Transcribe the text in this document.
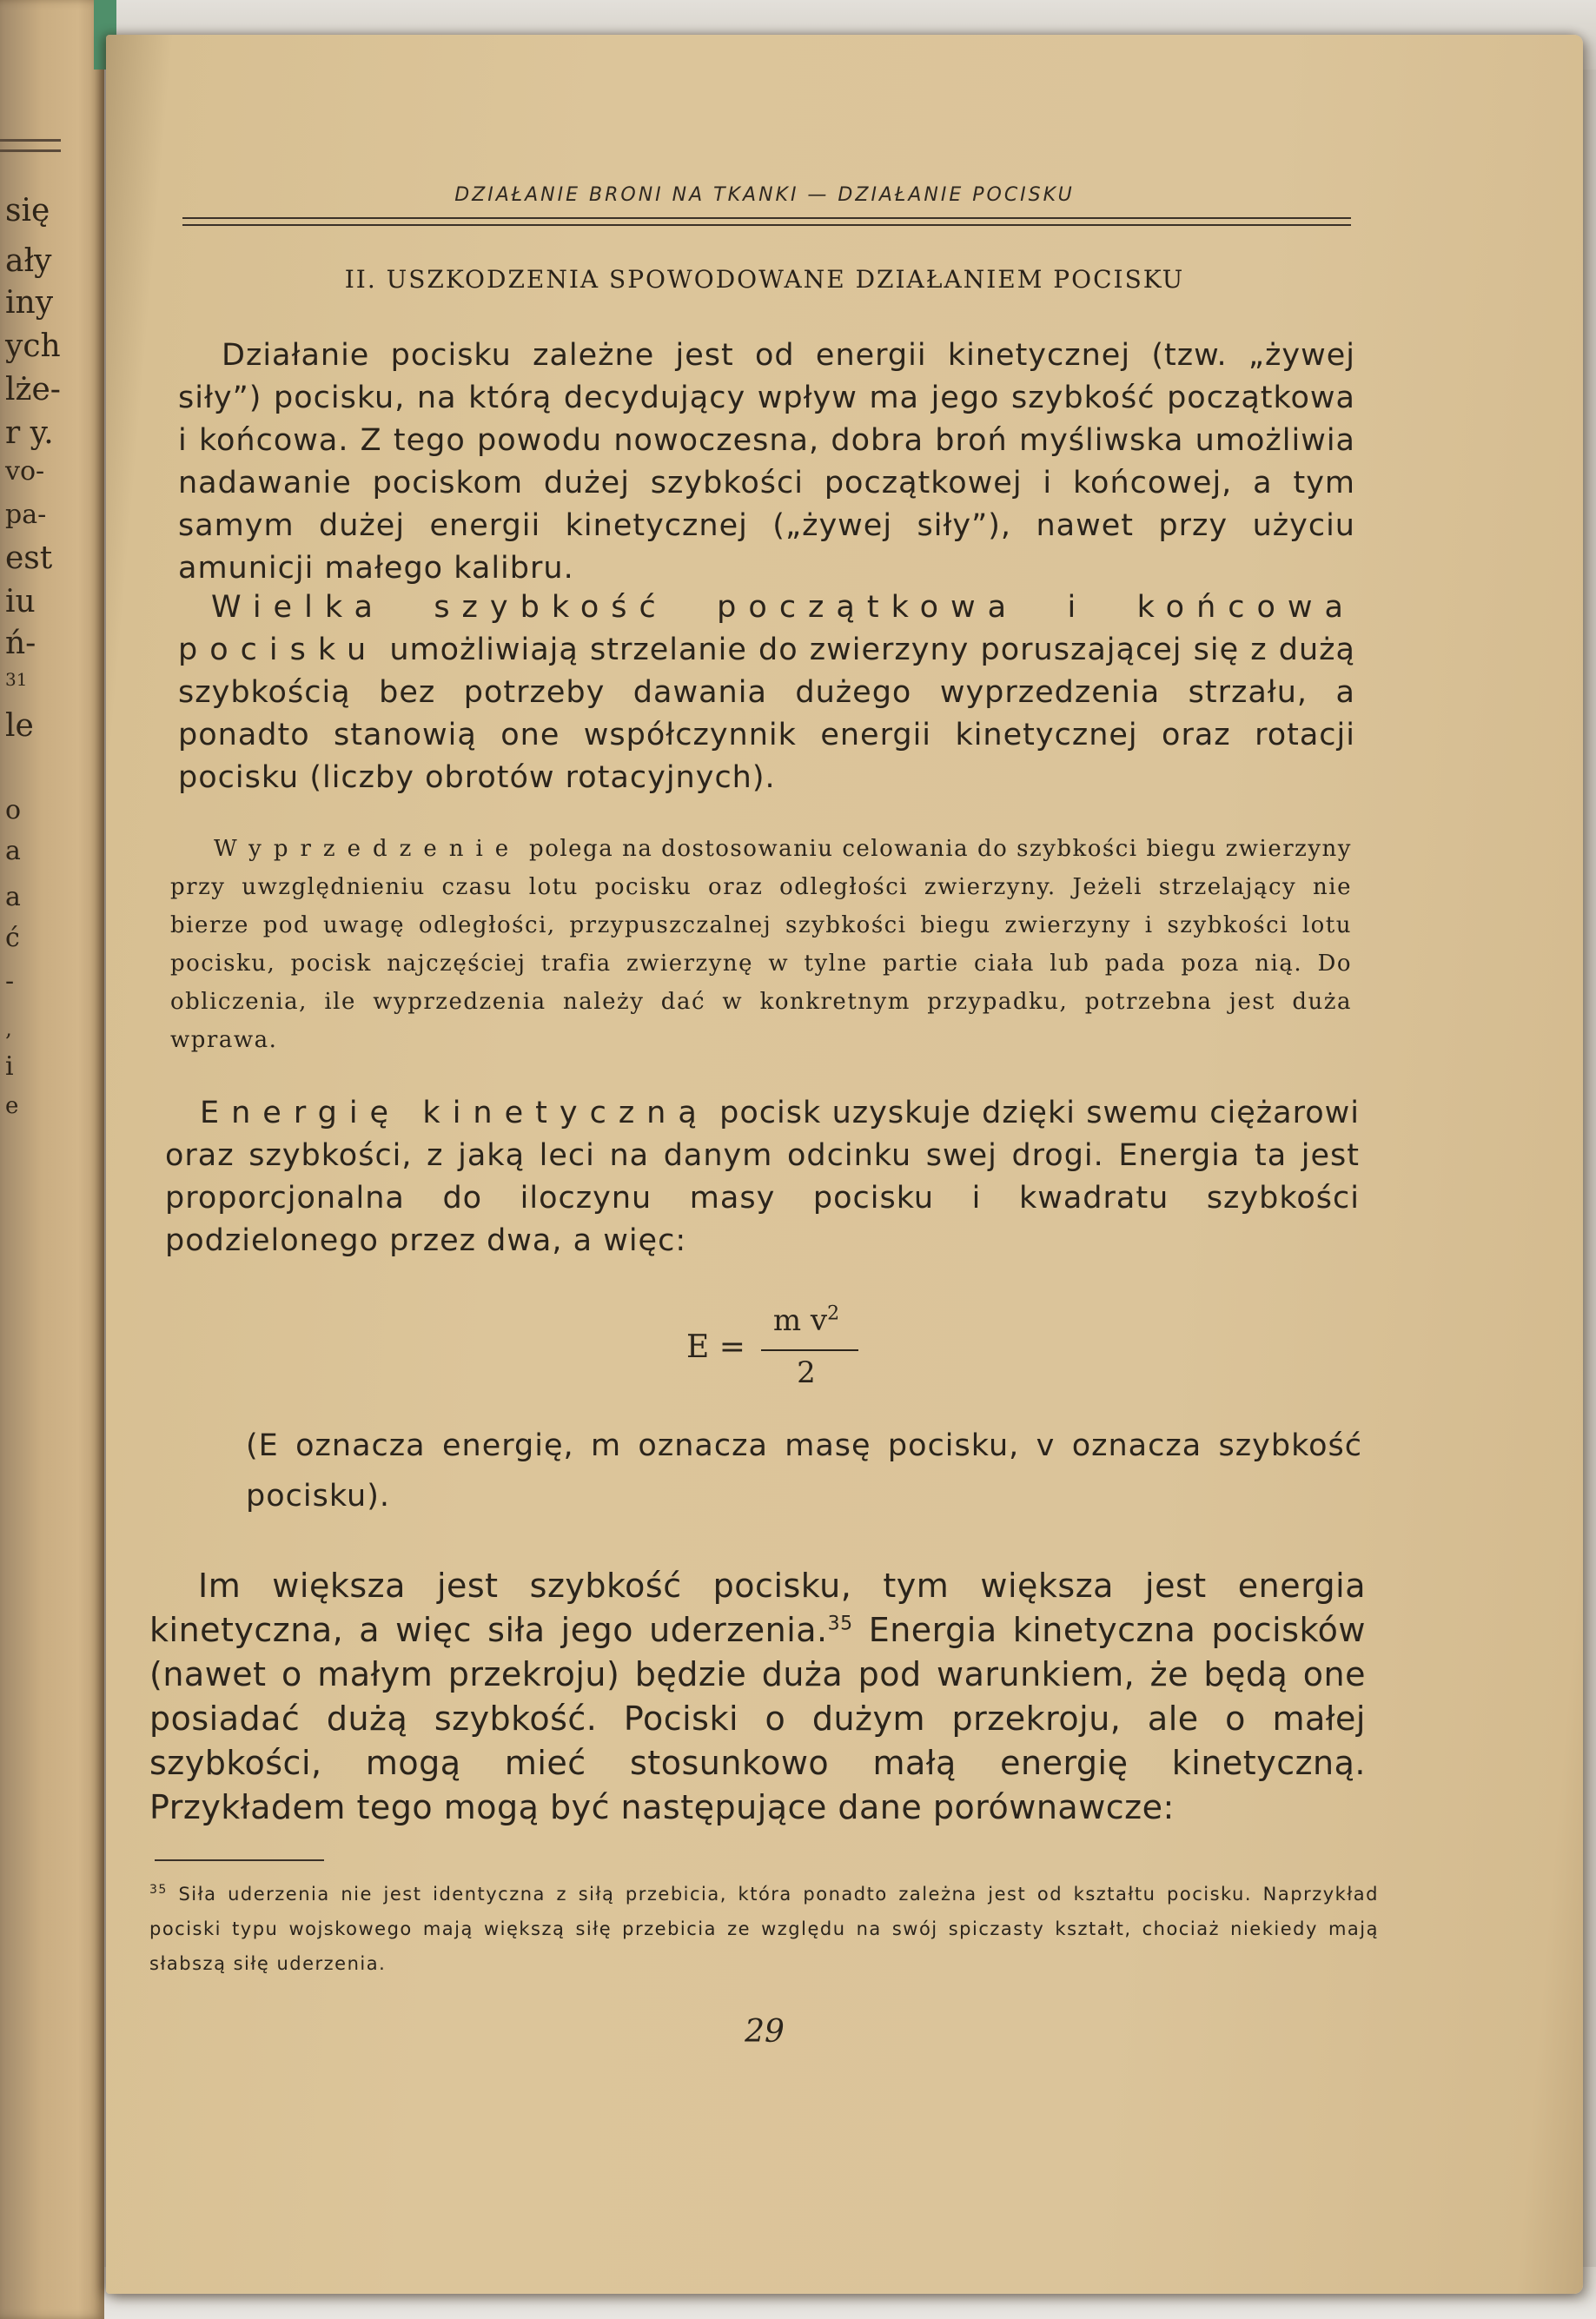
się
ały
iny
ych
lże-
r y.
vo-
pa-
est
iu
ń-
31
le
o
a
a
ć
-
‚
i
e
DZIAŁANIE BRONI NA TKANKI — DZIAŁANIE POCISKU
II. USZKODZENIA SPOWODOWANE DZIAŁANIEM POCISKU
Działanie pocisku zależne jest od energii kinetycznej (tzw. „żywej siły”) pocisku, na którą decydujący wpływ ma jego szybkość początkowa i końcowa. Z tego powodu nowoczesna, dobra broń myśliwska umożliwia nadawanie pociskom dużej szybkości początkowej i końcowej, a tym samym dużej energii kinetycznej („żywej siły”), nawet przy użyciu amunicji małego kalibru.
Wielka szybkość początkowa i końcowa pocisku umożliwiają strzelanie do zwierzyny poruszającej się z dużą szybkością bez potrzeby dawania dużego wyprzedzenia strzału, a ponadto stanowią one współczynnik energii kinetycznej oraz rotacji pocisku (liczby obrotów rotacyjnych).
Wyprzedzenie polega na dostosowaniu celowania do szybkości biegu zwierzyny przy uwzględnieniu czasu lotu pocisku oraz odległości zwierzyny. Jeżeli strzelający nie bierze pod uwagę odległości, przypuszczalnej szybkości biegu zwierzyny i szybkości lotu pocisku, pocisk najczęściej trafia zwierzynę w tylne partie ciała lub pada poza nią. Do obliczenia, ile wyprzedzenia należy dać w konkretnym przypadku, potrzebna jest duża wprawa.
Energię kinetyczną pocisk uzyskuje dzięki swemu ciężarowi oraz szybkości, z jaką leci na danym odcinku swej drogi. Energia ta jest proporcjonalna do iloczynu masy pocisku i kwadratu szybkości podzielonego przez dwa, a więc:
E =
m $v^2$
2
(E oznacza energię, m oznacza masę pocisku, v oznacza szybkość pocisku).
Im większa jest szybkość pocisku, tym większa jest energia kinetyczna, a więc siła jego uderzenia.$^{35}$ Energia kinetyczna pocisków (nawet o małym przekroju) będzie duża pod warunkiem, że będą one posiadać dużą szybkość. Pociski o dużym przekroju, ale o małej szybkości, mogą mieć stosunkowo małą energię kinetyczną. Przykładem tego mogą być następujące dane porównawcze:
$^{35}$ Siła uderzenia nie jest identyczna z siłą przebicia, która ponadto zależna jest od kształtu pocisku. Naprzykład pociski typu wojskowego mają większą siłę przebicia ze względu na swój spiczasty kształt, chociaż niekiedy mają słabszą siłę uderzenia.
29
